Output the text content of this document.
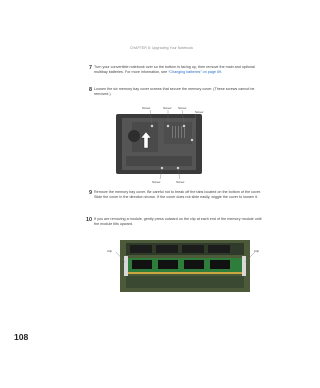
CHAPTER 8: Upgrading Your Notebook
7 Turn your convertible notebook over so the bottom is facing up, then remove the main and optional multibay batteries. For more information, see “Changing batteries” on page 69.
8 Loosen the six memory bay cover screws that secure the memory cover. (These screws cannot be removed.)
Screw	Screw Screw
Screw
Screw	Screw
9 Remove the memory bay cover. Be careful not to break off the tabs located on the bottom of the cover. Slide the cover in the direction shown. If the cover does not slide easily, wiggle the cover to loosen it.
10 If you are removing a module, gently press outward on the clip at each end of the memory module until the module tilts upward.
Clip	Clip
108
